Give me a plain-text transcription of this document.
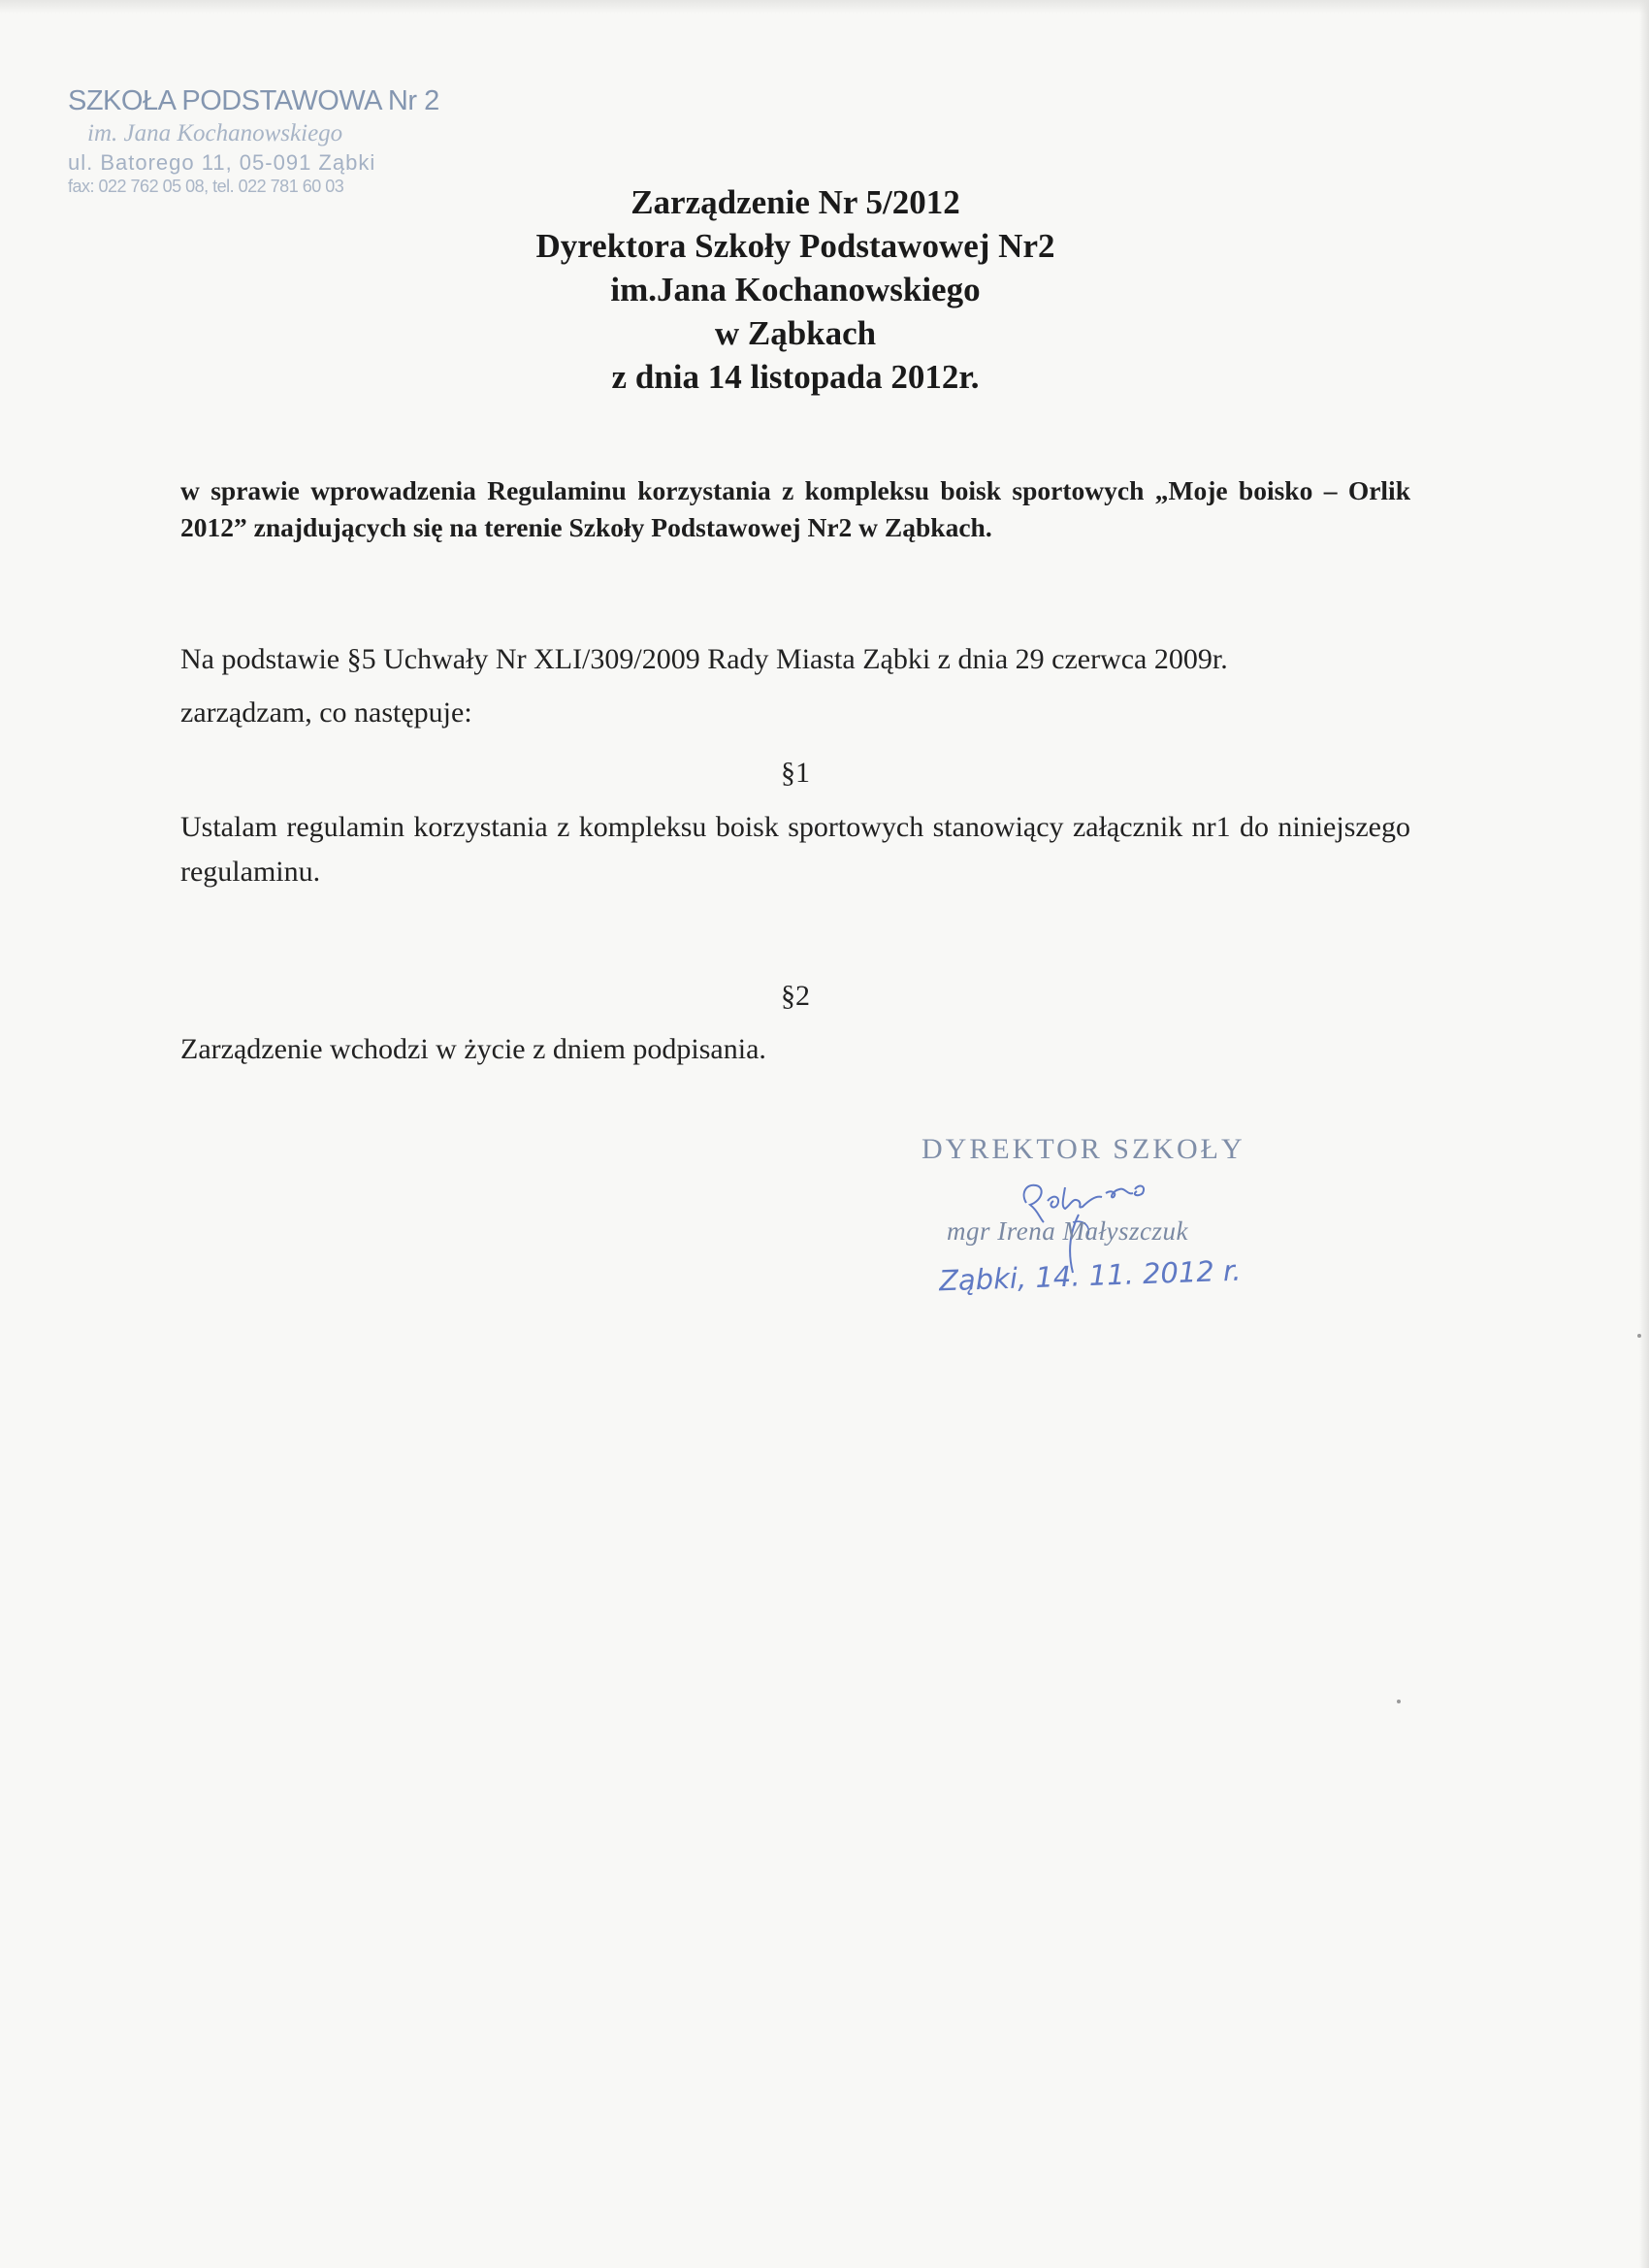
SZKOŁA PODSTAWOWA Nr 2
im. Jana Kochanowskiego
ul. Batorego 11, 05-091 Ząbki
fax: 022 762 05 08, tel. 022 781 60 03	Zarządzenie Nr 5/2012
Dyrektora Szkoły Podstawowej Nr2
im.Jana Kochanowskiego
w Ząbkach
z dnia 14 listopada 2012r.
w sprawie wprowadzenia Regulaminu korzystania z kompleksu boisk sportowych „Moje boisko – Orlik 2012” znajdujących się na terenie Szkoły Podstawowej Nr2 w Ząbkach.
Na podstawie §5 Uchwały Nr XLI/309/2009 Rady Miasta Ząbki z dnia 29 czerwca 2009r.
zarządzam, co następuje:
§1
Ustalam regulamin korzystania z kompleksu boisk sportowych stanowiący załącznik nr1 do niniejszego regulaminu.
§2
Zarządzenie wchodzi w życie z dniem podpisania.
DYREKTOR SZKOŁY
mgr Irena Małyszczuk
Ząbki, 14. 11. 2012 r.
